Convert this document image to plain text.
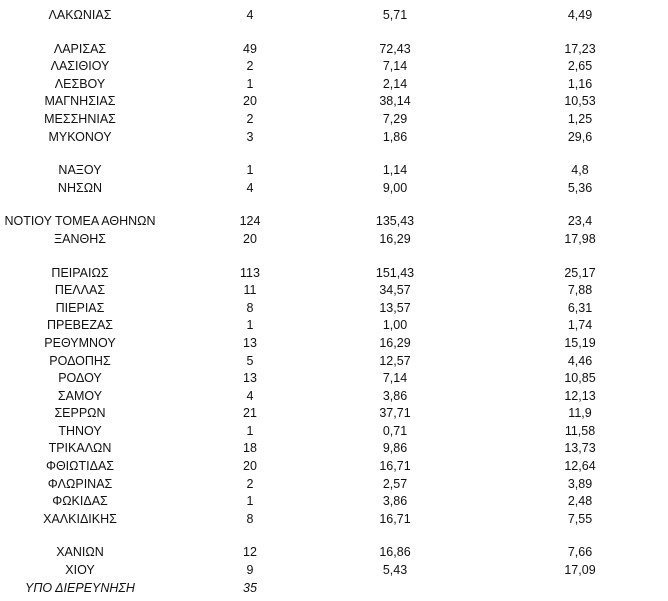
ΛΑΚΩΝΙΑΣ	4	5,71	4,49
ΛΑΡΙΣΑΣ	49	72,43	17,23
ΛΑΣΙΘΙΟΥ	2	7,14	2,65
ΛΕΣΒΟΥ	1	2,14	1,16
ΜΑΓΝΗΣΙΑΣ	20	38,14	10,53
ΜΕΣΣΗΝΙΑΣ	2	7,29	1,25
ΜΥΚΟΝΟΥ	3	1,86	29,6
ΝΑΞΟΥ	1	1,14	4,8
ΝΗΣΩΝ	4	9,00	5,36
ΝΟΤΙΟΥ ΤΟΜΕΑ ΑΘΗΝΩΝ	124	135,43	23,4
ΞΑΝΘΗΣ	20	16,29	17,98
ΠΕΙΡΑΙΩΣ	113	151,43	25,17
ΠΕΛΛΑΣ	11	34,57	7,88
ΠΙΕΡΙΑΣ	8	13,57	6,31
ΠΡΕΒΕΖΑΣ	1	1,00	1,74
ΡΕΘΥΜΝΟΥ	13	16,29	15,19
ΡΟΔΟΠΗΣ	5	12,57	4,46
ΡΟΔΟΥ	13	7,14	10,85
ΣΑΜΟΥ	4	3,86	12,13
ΣΕΡΡΩΝ	21	37,71	11,9
ΤΗΝΟΥ	1	0,71	11,58
ΤΡΙΚΑΛΩΝ	18	9,86	13,73
ΦΘΙΩΤΙΔΑΣ	20	16,71	12,64
ΦΛΩΡΙΝΑΣ	2	2,57	3,89
ΦΩΚΙΔΑΣ	1	3,86	2,48
ΧΑΛΚΙΔΙΚΗΣ	8	16,71	7,55
ΧΑΝΙΩΝ	12	16,86	7,66
ΧΙΟΥ	9	5,43	17,09
ΥΠΟ ΔΙΕΡΕΥΝΗΣΗ	35
